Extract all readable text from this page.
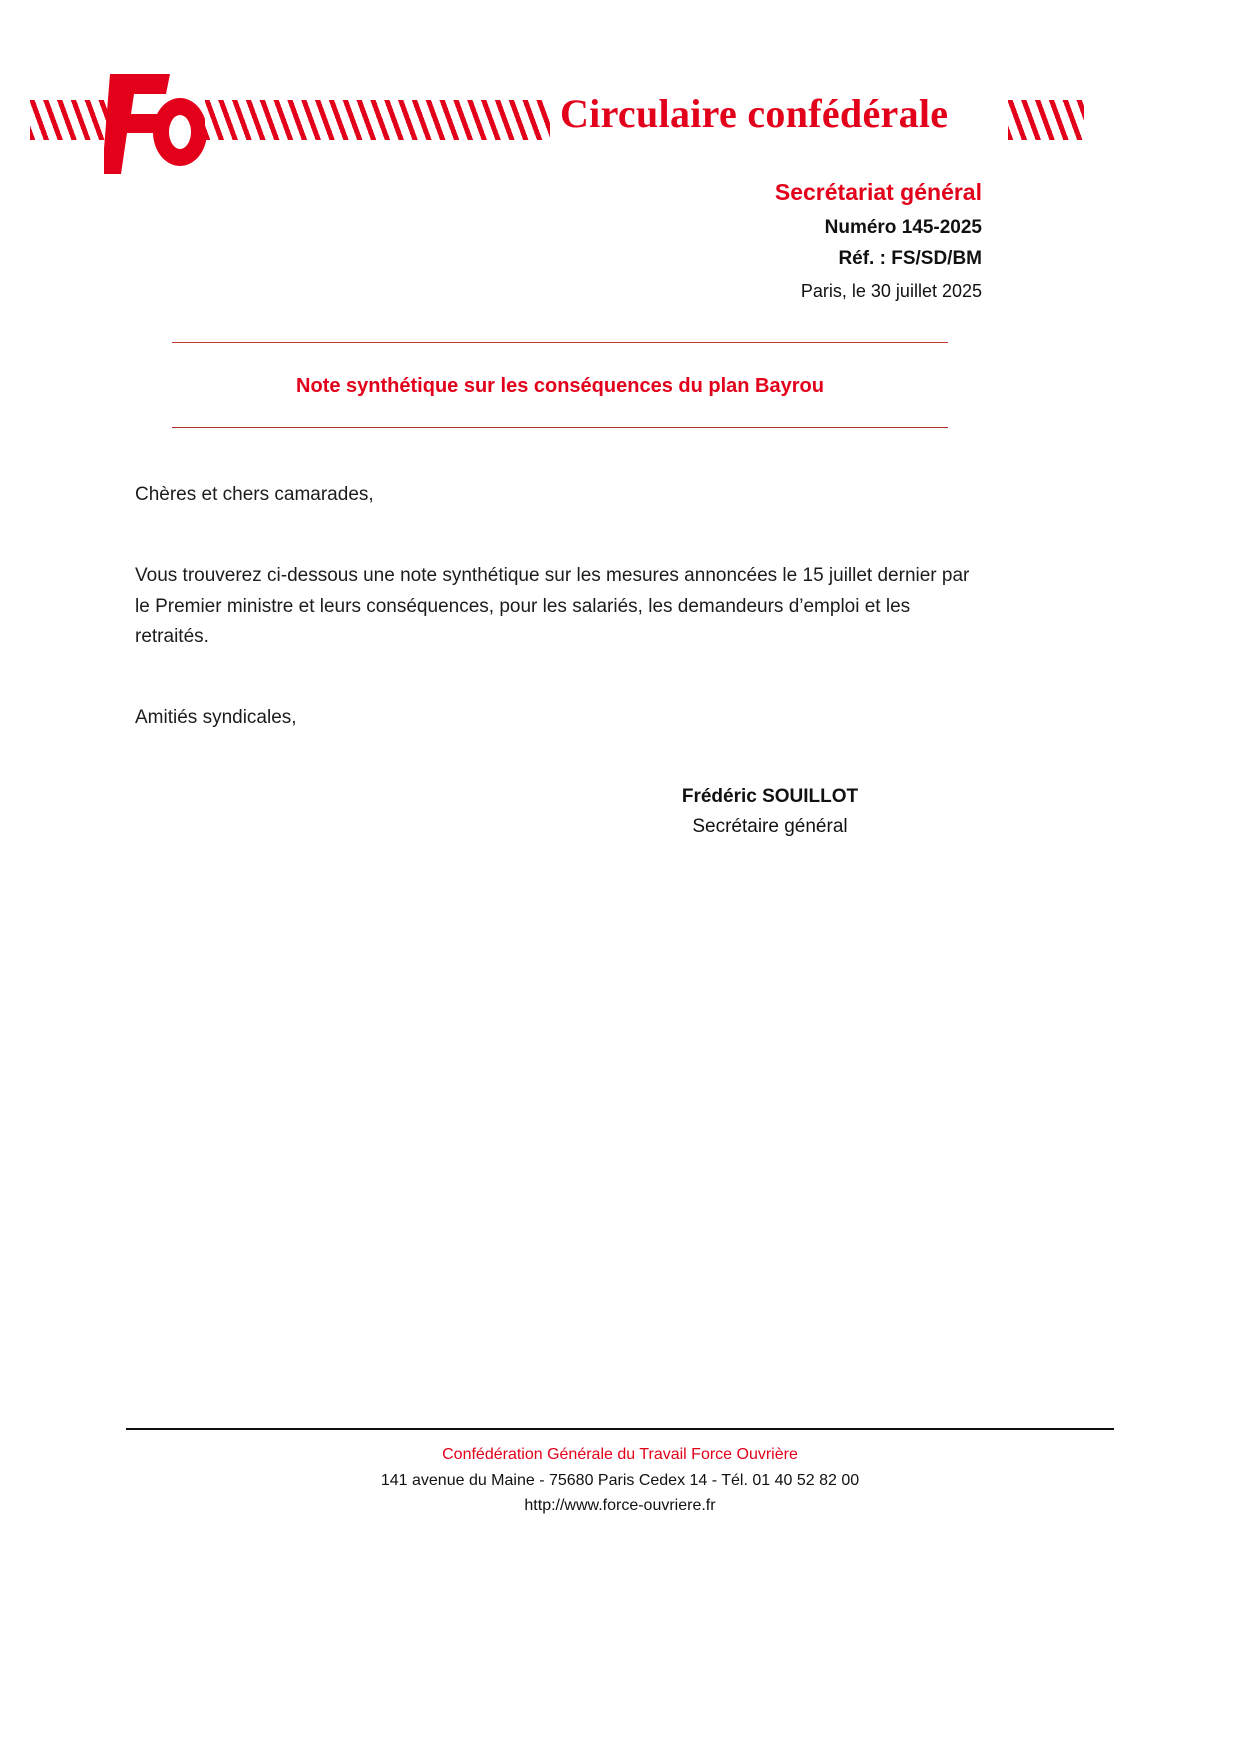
Circulaire confédérale
Secrétariat général
Numéro 145-2025
Réf. : FS/SD/BM
Paris, le 30 juillet 2025
Note synthétique sur les conséquences du plan Bayrou

Chères et chers camarades,

Vous trouverez ci-dessous une note synthétique sur les mesures annoncées le 15 juillet dernier par le Premier ministre et leurs conséquences, pour les salariés, les demandeurs d’emploi et les retraités.

Amitiés syndicales,

Frédéric SOUILLOT
Secrétaire général
Confédération Générale du Travail Force Ouvrière
141 avenue du Maine - 75680 Paris Cedex 14 - Tél. 01 40 52 82 00
http://www.force-ouvriere.fr
